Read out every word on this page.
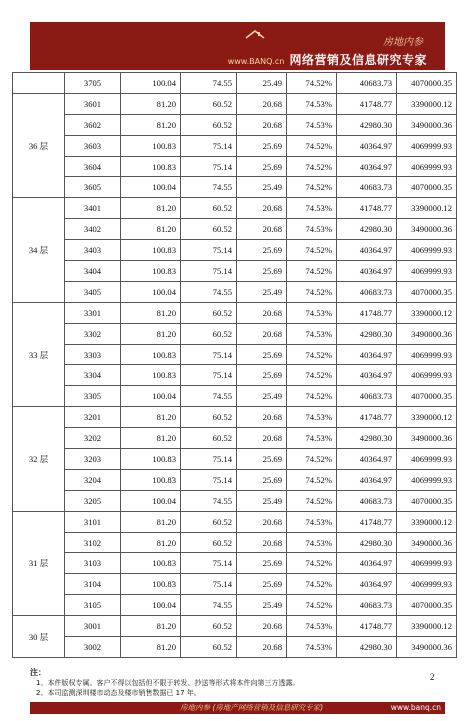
房地内参
www.BANQ.cn 网络营销及信息研究专家
	3705	100.04	74.55	25.49	74.52%	40683.73	4070000.35
36 层	3601	81.20	60.52	20.68	74.53%	41748.77	3390000.12
	3602	81.20	60.52	20.68	74.53%	42980.30	3490000.36
	3603	100.83	75.14	25.69	74.52%	40364.97	4069999.93
	3604	100.83	75.14	25.69	74.52%	40364.97	4069999.93
	3605	100.04	74.55	25.49	74.52%	40683.73	4070000.35
34 层	3401	81.20	60.52	20.68	74.53%	41748.77	3390000.12
	3402	81.20	60.52	20.68	74.53%	42980.30	3490000.36
	3403	100.83	75.14	25.69	74.52%	40364.97	4069999.93
	3404	100.83	75.14	25.69	74.52%	40364.97	4069999.93
	3405	100.04	74.55	25.49	74.52%	40683.73	4070000.35
33 层	3301	81.20	60.52	20.68	74.53%	41748.77	3390000.12
	3302	81.20	60.52	20.68	74.53%	42980.30	3490000.36
	3303	100.83	75.14	25.69	74.52%	40364.97	4069999.93
	3304	100.83	75.14	25.69	74.52%	40364.97	4069999.93
	3305	100.04	74.55	25.49	74.52%	40683.73	4070000.35
32 层	3201	81.20	60.52	20.68	74.53%	41748.77	3390000.12
	3202	81.20	60.52	20.68	74.53%	42980.30	3490000.36
	3203	100.83	75.14	25.69	74.52%	40364.97	4069999.93
	3204	100.83	75.14	25.69	74.52%	40364.97	4069999.93
	3205	100.04	74.55	25.49	74.52%	40683.73	4070000.35
31 层	3101	81.20	60.52	20.68	74.53%	41748.77	3390000.12
	3102	81.20	60.52	20.68	74.53%	42980.30	3490000.36
	3103	100.83	75.14	25.69	74.52%	40364.97	4069999.93
	3104	100.83	75.14	25.69	74.52%	40364.97	4069999.93
	3105	100.04	74.55	25.49	74.52%	40683.73	4070000.35
30 层	3001	81.20	60.52	20.68	74.53%	41748.77	3390000.12
	3002	81.20	60.52	20.68	74.53%	42980.30	3490000.36
注：
1、本件版权专属。客户不得以包括但不限于转发、抄送等形式将本件向第三方透露。
2、本司监测深圳楼市动态及楼市销售数据已 17 年。
2
房地内参 (房地产网络营销及信息研究专家)	www.banq.cn
